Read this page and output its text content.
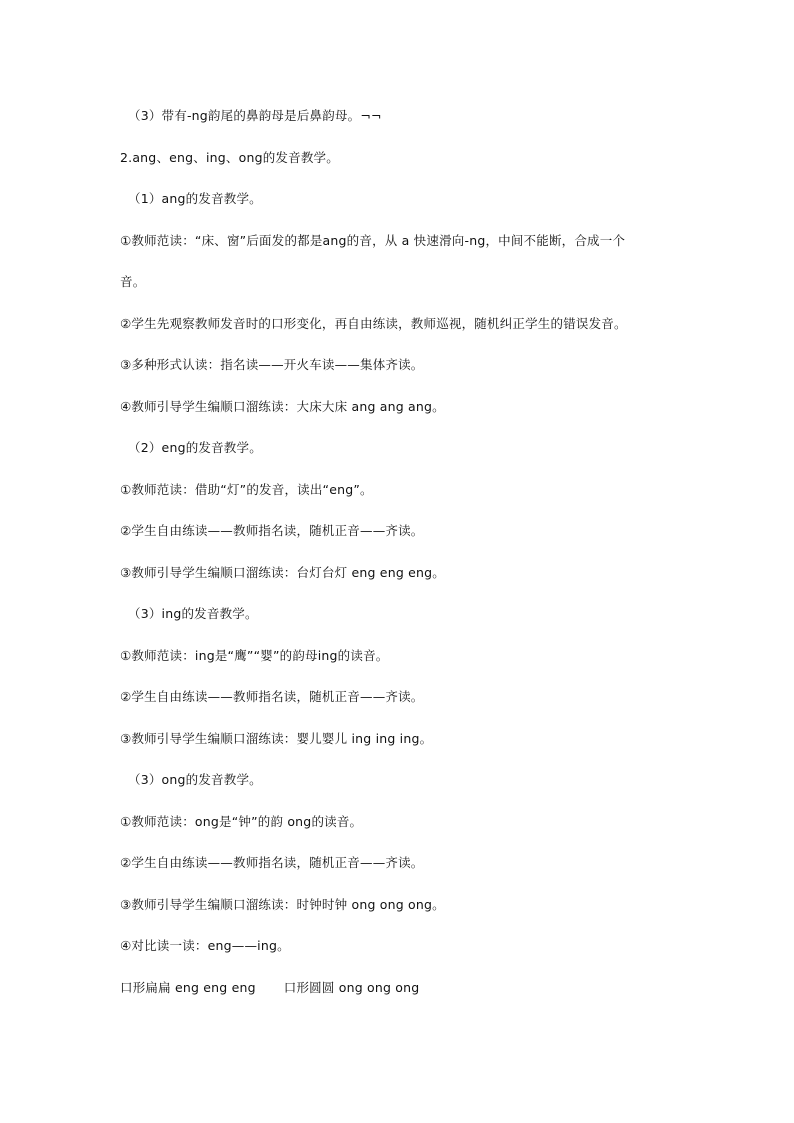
（3）带有-ng韵尾的鼻韵母是后鼻韵母。¬¬
2.ang、eng、ing、ong的发音教学。
（1）ang的发音教学。
①教师范读：“床、窗”后面发的都是ang的音，从 a 快速滑向-ng，中间不能断，合成一个
音。
②学生先观察教师发音时的口形变化，再自由练读，教师巡视，随机纠正学生的错误发音。
③多种形式认读：指名读——开火车读——集体齐读。
④教师引导学生编顺口溜练读：大床大床 ang ang ang。
（2）eng的发音教学。
①教师范读：借助“灯”的发音，读出“eng”。
②学生自由练读——教师指名读，随机正音——齐读。
③教师引导学生编顺口溜练读：台灯台灯 eng eng eng。
（3）ing的发音教学。
①教师范读：ing是“鹰”“婴”的韵母ing的读音。
②学生自由练读——教师指名读，随机正音——齐读。
③教师引导学生编顺口溜练读：婴儿婴儿 ing ing ing。
（3）ong的发音教学。
①教师范读：ong是“钟”的韵 ong的读音。
②学生自由练读——教师指名读，随机正音——齐读。
③教师引导学生编顺口溜练读：时钟时钟 ong ong ong。
④对比读一读：eng——ing。
口形扁扁 eng eng eng 口形圆圆 ong ong ong
